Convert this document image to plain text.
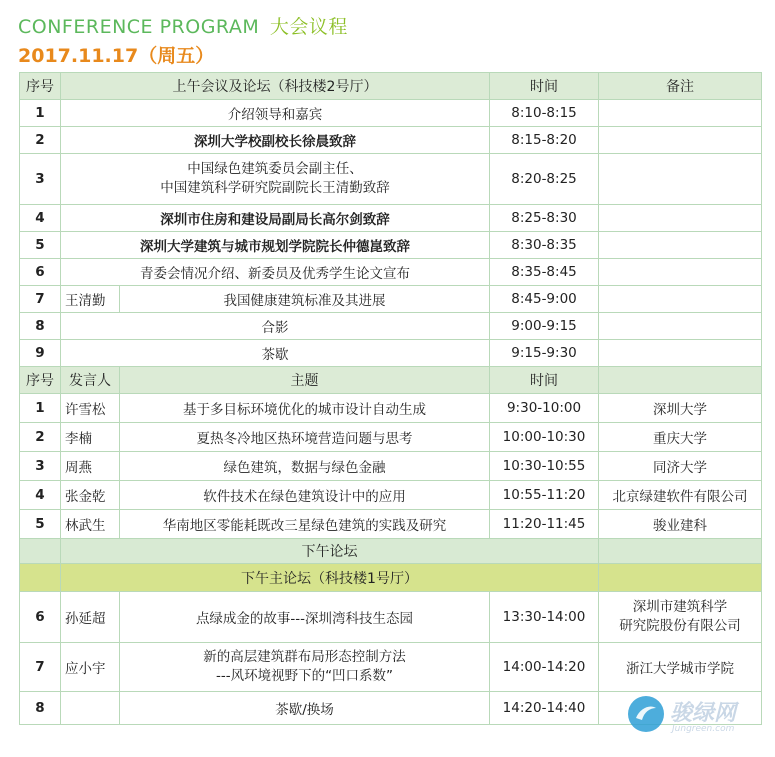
CONFERENCE PROGRAM 大会议程
2017.11.17（周五）
序号	上午会议及论坛（科技楼2号厅）		时间	备注
1	介绍领导和嘉宾		8:10-8:15	
2	深圳大学校副校长徐晨致辞		8:15-8:20	
3	中国绿色建筑委员会副主任、
中国建筑科学研究院副院长王清勤致辞		8:20-8:25	
4	深圳市住房和建设局副局长高尔剑致辞		8:25-8:30	
5	深圳大学建筑与城市规划学院院长仲德崑致辞		8:30-8:35	
6	青委会情况介绍、新委员及优秀学生论文宣布		8:35-8:45	
7	王清勤	我国健康建筑标准及其进展	8:45-9:00	
8	合影		9:00-9:15	
9	茶歇		9:15-9:30	
序号	发言人	主题	时间	
1	许雪松	基于多目标环境优化的城市设计自动生成	9:30-10:00	深圳大学
2	李楠	夏热冬冷地区热环境营造问题与思考	10:00-10:30	重庆大学
3	周燕	绿色建筑，数据与绿色金融	10:30-10:55	同济大学
4	张金乾	软件技术在绿色建筑设计中的应用	10:55-11:20	北京绿建软件有限公司
5	林武生	华南地区零能耗既改三星绿色建筑的实践及研究	11:20-11:45	骏业建科
	下午论坛			
	下午主论坛（科技楼1号厅）			
6	孙延超	点绿成金的故事---深圳湾科技生态园	13:30-14:00	深圳市建筑科学
研究院股份有限公司

7	应小宇	新的高层建筑群布局形态控制方法
---风环境视野下的“凹口系数”	14:00-14:20	浙江大学城市学院
8		茶歇/换场	14:20-14:40		骏绿网
Jungreen.com
